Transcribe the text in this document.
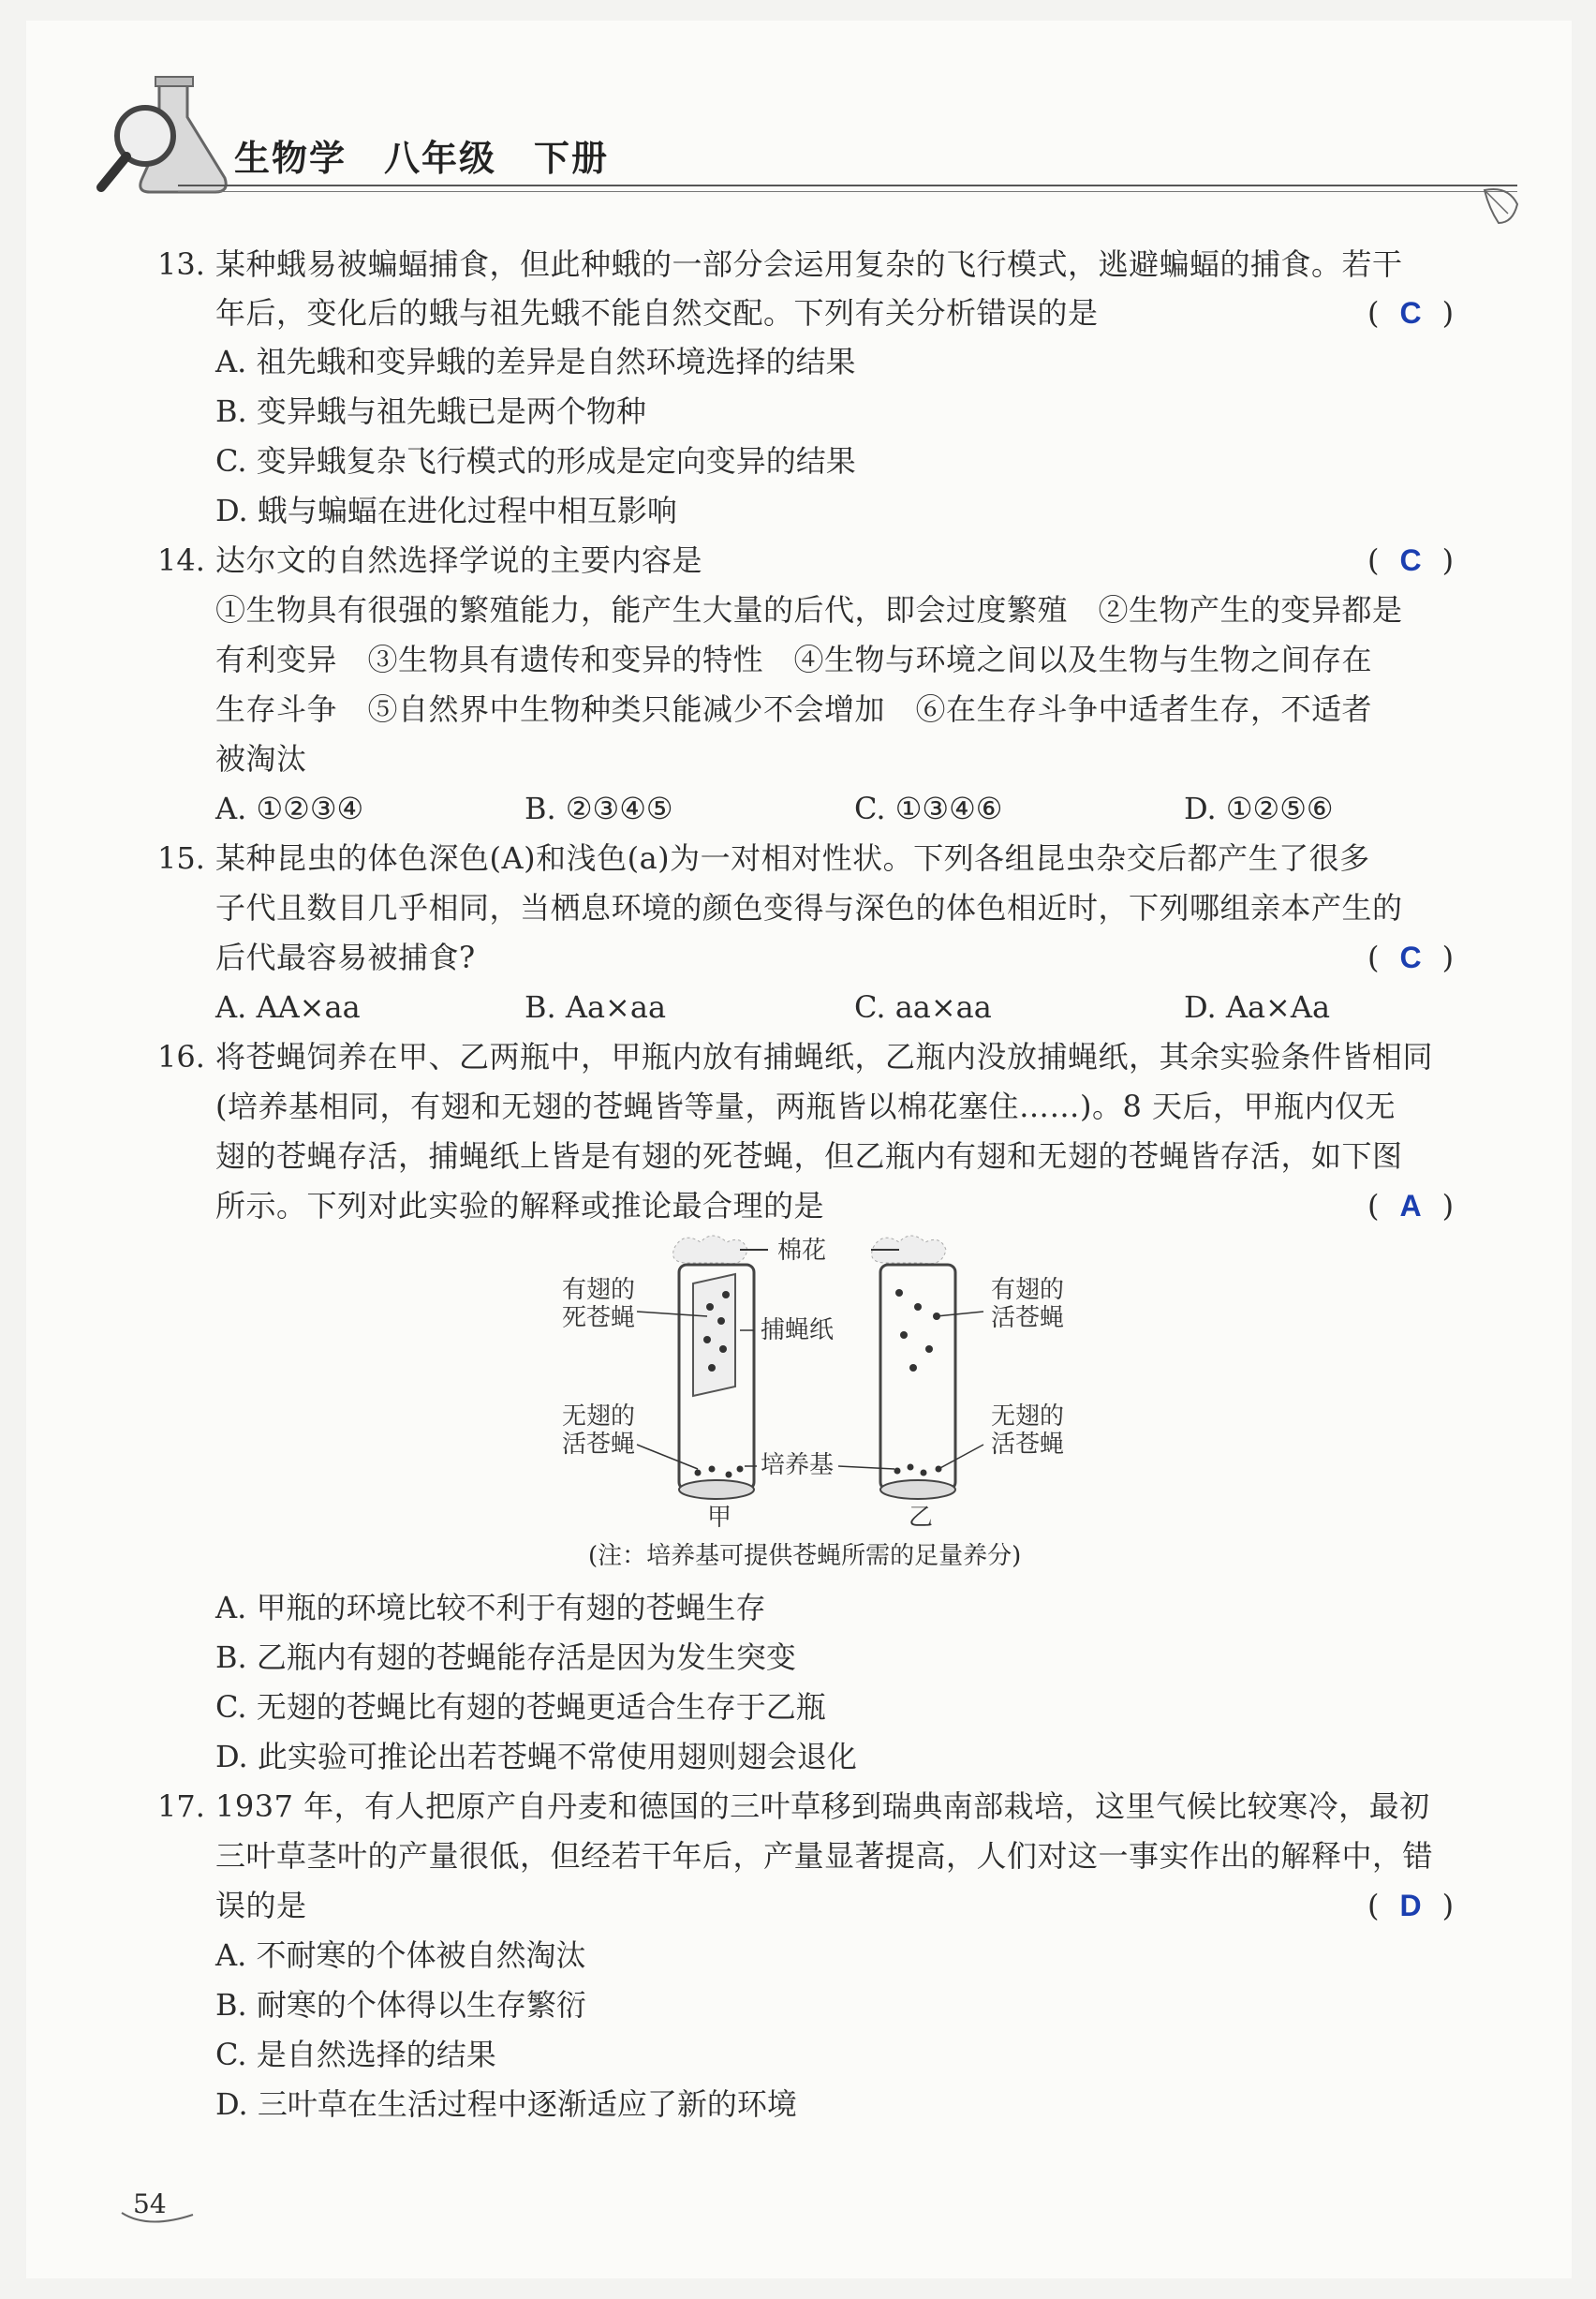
生物学 八年级 下册
13. 某种蛾易被蝙蝠捕食，但此种蛾的一部分会运用复杂的飞行模式，逃避蝙蝠的捕食。若干
年后，变化后的蛾与祖先蛾不能自然交配。下列有关分析错误的是	( C )
A. 祖先蛾和变异蛾的差异是自然环境选择的结果
B. 变异蛾与祖先蛾已是两个物种
C. 变异蛾复杂飞行模式的形成是定向变异的结果
D. 蛾与蝙蝠在进化过程中相互影响
14. 达尔文的自然选择学说的主要内容是	( C )
①生物具有很强的繁殖能力，能产生大量的后代，即会过度繁殖　②生物产生的变异都是
有利变异　③生物具有遗传和变异的特性　④生物与环境之间以及生物与生物之间存在
生存斗争　⑤自然界中生物种类只能减少不会增加　⑥在生存斗争中适者生存，不适者
被淘汰
A. ①②③④	B. ②③④⑤	C. ①③④⑥	D. ①②⑤⑥
15. 某种昆虫的体色深色(A)和浅色(a)为一对相对性状。下列各组昆虫杂交后都产生了很多
子代且数目几乎相同，当栖息环境的颜色变得与深色的体色相近时，下列哪组亲本产生的
后代最容易被捕食?	( C )
A. AA×aa	B. Aa×aa	C. aa×aa	D. Aa×Aa
16. 将苍蝇饲养在甲、乙两瓶中，甲瓶内放有捕蝇纸，乙瓶内没放捕蝇纸，其余实验条件皆相同
(培养基相同，有翅和无翅的苍蝇皆等量，两瓶皆以棉花塞住……)。8 天后，甲瓶内仅无
翅的苍蝇存活，捕蝇纸上皆是有翅的死苍蝇，但乙瓶内有翅和无翅的苍蝇皆存活，如下图
所示。下列对此实验的解释或推论最合理的是	( A )
棉花
有翅的
死苍蝇	捕蝇纸
无翅的
活苍蝇
培养基
有翅的
活苍蝇
无翅的
活苍蝇
甲	乙
(注：培养基可提供苍蝇所需的足量养分)
A. 甲瓶的环境比较不利于有翅的苍蝇生存
B. 乙瓶内有翅的苍蝇能存活是因为发生突变
C. 无翅的苍蝇比有翅的苍蝇更适合生存于乙瓶
D. 此实验可推论出若苍蝇不常使用翅则翅会退化
17. 1937 年，有人把原产自丹麦和德国的三叶草移到瑞典南部栽培，这里气候比较寒冷，最初
三叶草茎叶的产量很低，但经若干年后，产量显著提高，人们对这一事实作出的解释中，错
误的是	( D )
A. 不耐寒的个体被自然淘汰
B. 耐寒的个体得以生存繁衍
C. 是自然选择的结果
D. 三叶草在生活过程中逐渐适应了新的环境
54
